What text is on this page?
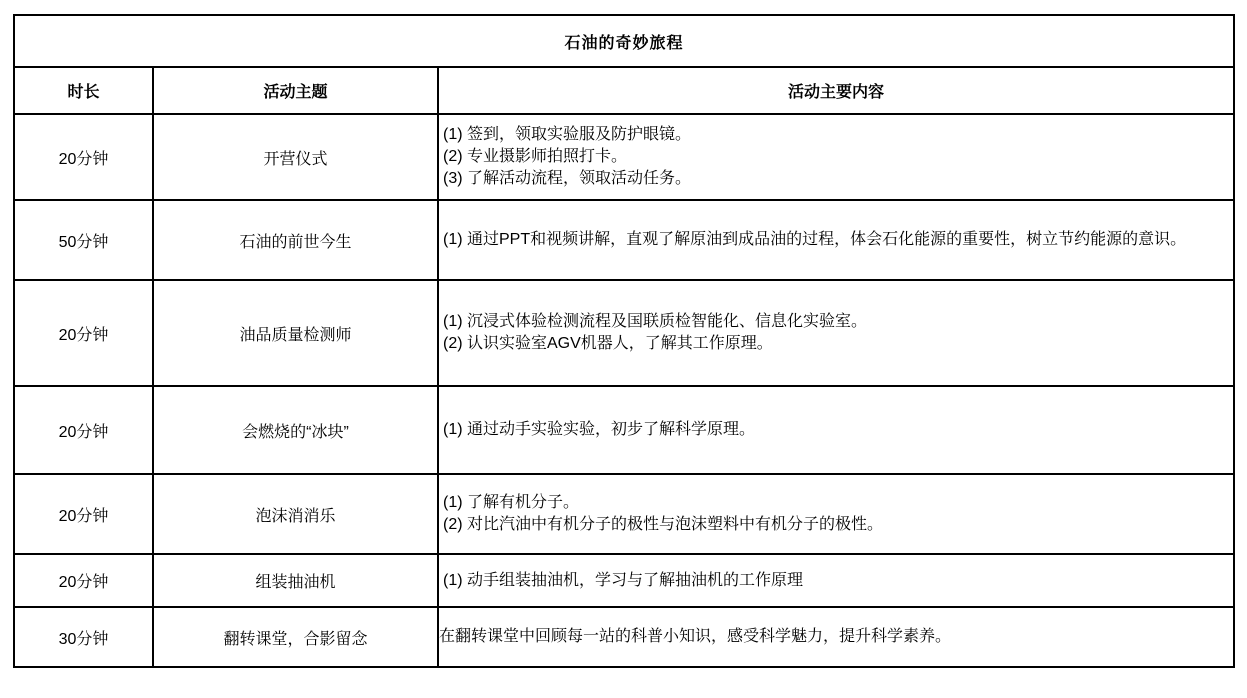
石油的奇妙旅程		
时长	活动主题	活动主要内容
20分钟	开营仪式	(1) 签到，领取实验服及防护眼镜。
(2) 专业摄影师拍照打卡。
(3) 了解活动流程，领取活动任务。

50分钟	石油的前世今生	(1) 通过PPT和视频讲解，直观了解原油到成品油的过程，体会石化能源的重要性，树立节约能源的意识。

20分钟	油品质量检测师	(1) 沉浸式体验检测流程及国联质检智能化、信息化实验室。
(2) 认识实验室AGV机器人，了解其工作原理。

20分钟	会燃烧的“冰块”	(1) 通过动手实验实验，初步了解科学原理。

20分钟	泡沫消消乐	(1) 了解有机分子。
(2) 对比汽油中有机分子的极性与泡沫塑料中有机分子的极性。

20分钟	组装抽油机	(1) 动手组装抽油机，学习与了解抽油机的工作原理

30分钟	翻转课堂，合影留念	在翻转课堂中回顾每一站的科普小知识，感受科学魅力，提升科学素养。
